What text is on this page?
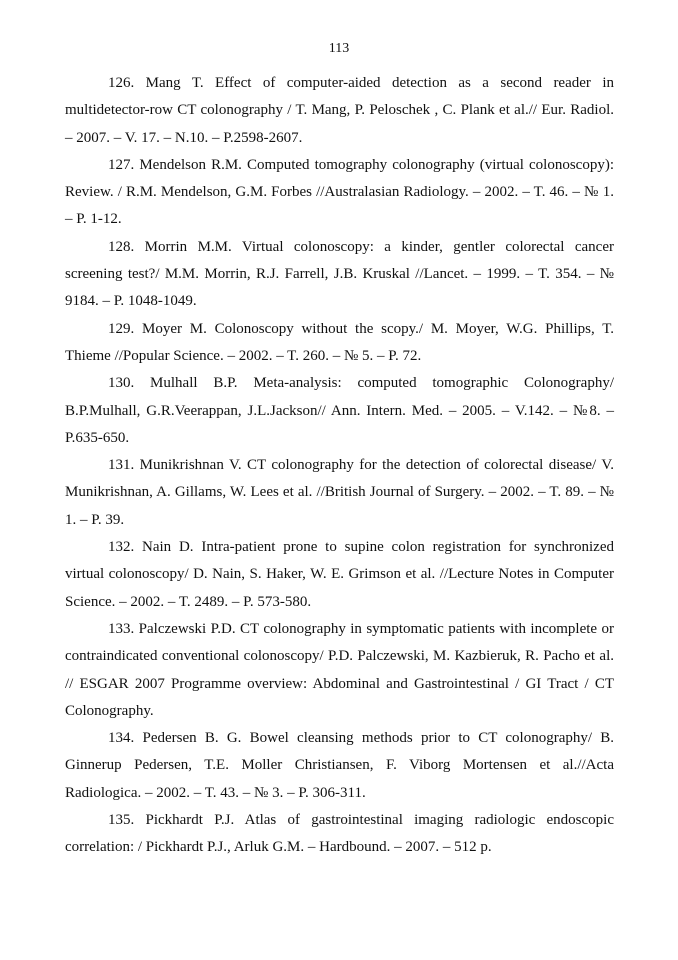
113

126. Mang T. Effect of computer-aided detection as a second reader in multidetector-row CT colonography / T. Mang, P. Peloschek , C. Plank et al.// Eur. Radiol. – 2007. – V. 17. – N.10. – P.2598-2607.

127. Mendelson R.M. Computed tomography colonography (virtual colonoscopy): Review. / R.M. Mendelson, G.M. Forbes //Australasian Radiology. – 2002. – T. 46. – № 1. – P. 1-12.

128. Morrin M.M. Virtual colonoscopy: a kinder, gentler colorectal cancer screening test?/ M.M. Morrin, R.J. Farrell, J.B. Kruskal //Lancet. – 1999. – T. 354. – № 9184. – P. 1048-1049.

129. Moyer M. Colonoscopy without the scopy./ M. Moyer, W.G. Phillips, T. Thieme //Popular Science. – 2002. – T. 260. – № 5. – P. 72.

130. Mulhall B.P. Meta-analysis: computed tomographic Colonography/ B.P.Mulhall, G.R.Veerappan, J.L.Jackson// Ann. Intern. Med. – 2005. – V.142. – №8. – P.635-650.

131. Munikrishnan V. CT colonography for the detection of colorectal disease/ V. Munikrishnan, A. Gillams, W. Lees et al. //British Journal of Surgery. – 2002. – T. 89. – № 1. – P. 39.

132. Nain D. Intra-patient prone to supine colon registration for synchronized virtual colonoscopy/ D. Nain, S. Haker, W. E. Grimson et al. //Lecture Notes in Computer Science. – 2002. – T. 2489. – P. 573-580.

133. Palczewski P.D. CT colonography in symptomatic patients with incomplete or contraindicated conventional colonoscopy/ P.D. Palczewski, M. Kazbieruk, R. Pacho et al. // ESGAR 2007 Programme overview: Abdominal and Gastrointestinal / GI Tract / CT Colonography.

134. Pedersen B. G. Bowel cleansing methods prior to CT colonography/ B. Ginnerup Pedersen, T.E. Moller Christiansen, F. Viborg Mortensen et al.//Acta Radiologica. – 2002. – T. 43. – № 3. – P. 306-311.

135. Pickhardt P.J. Atlas of gastrointestinal imaging radiologic endoscopic correlation: / Pickhardt P.J., Arluk G.M. – Hardbound. – 2007. – 512 p.
